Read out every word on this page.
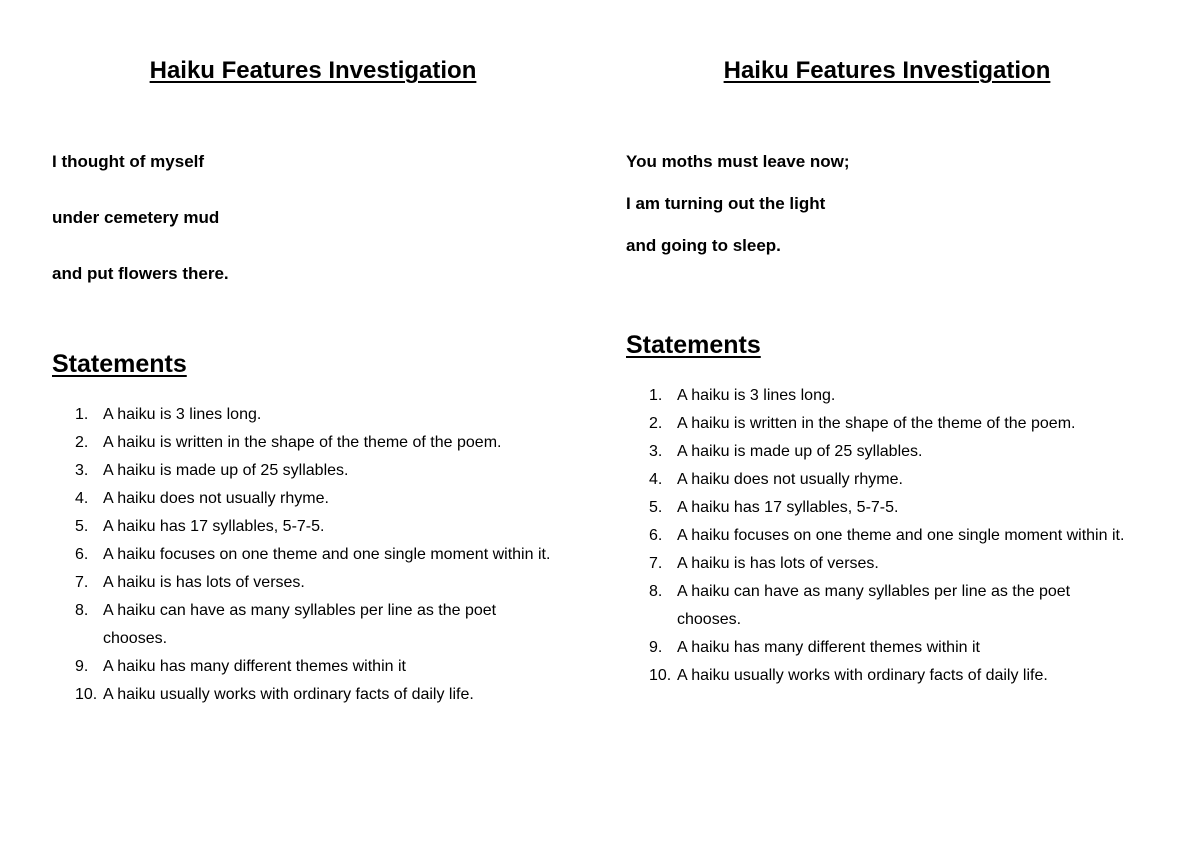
Haiku Features Investigation

I thought of myself

under cemetery mud

and put flowers there.

Statements
1. A haiku is 3 lines long.
2. A haiku is written in the shape of the theme of the poem.
3. A haiku is made up of 25 syllables.
4. A haiku does not usually rhyme.
5. A haiku has 17 syllables, 5-7-5.
6. A haiku focuses on one theme and one single moment within it.
7. A haiku is has lots of verses.
8. A haiku can have as many syllables per line as the poet chooses.
9. A haiku has many different themes within it
10. A haiku usually works with ordinary facts of daily life.
Haiku Features Investigation

You moths must leave now;

I am turning out the light

and going to sleep.

Statements
1. A haiku is 3 lines long.
2. A haiku is written in the shape of the theme of the poem.
3. A haiku is made up of 25 syllables.
4. A haiku does not usually rhyme.
5. A haiku has 17 syllables, 5-7-5.
6. A haiku focuses on one theme and one single moment within it.
7. A haiku is has lots of verses.
8. A haiku can have as many syllables per line as the poet chooses.
9. A haiku has many different themes within it
10. A haiku usually works with ordinary facts of daily life.
